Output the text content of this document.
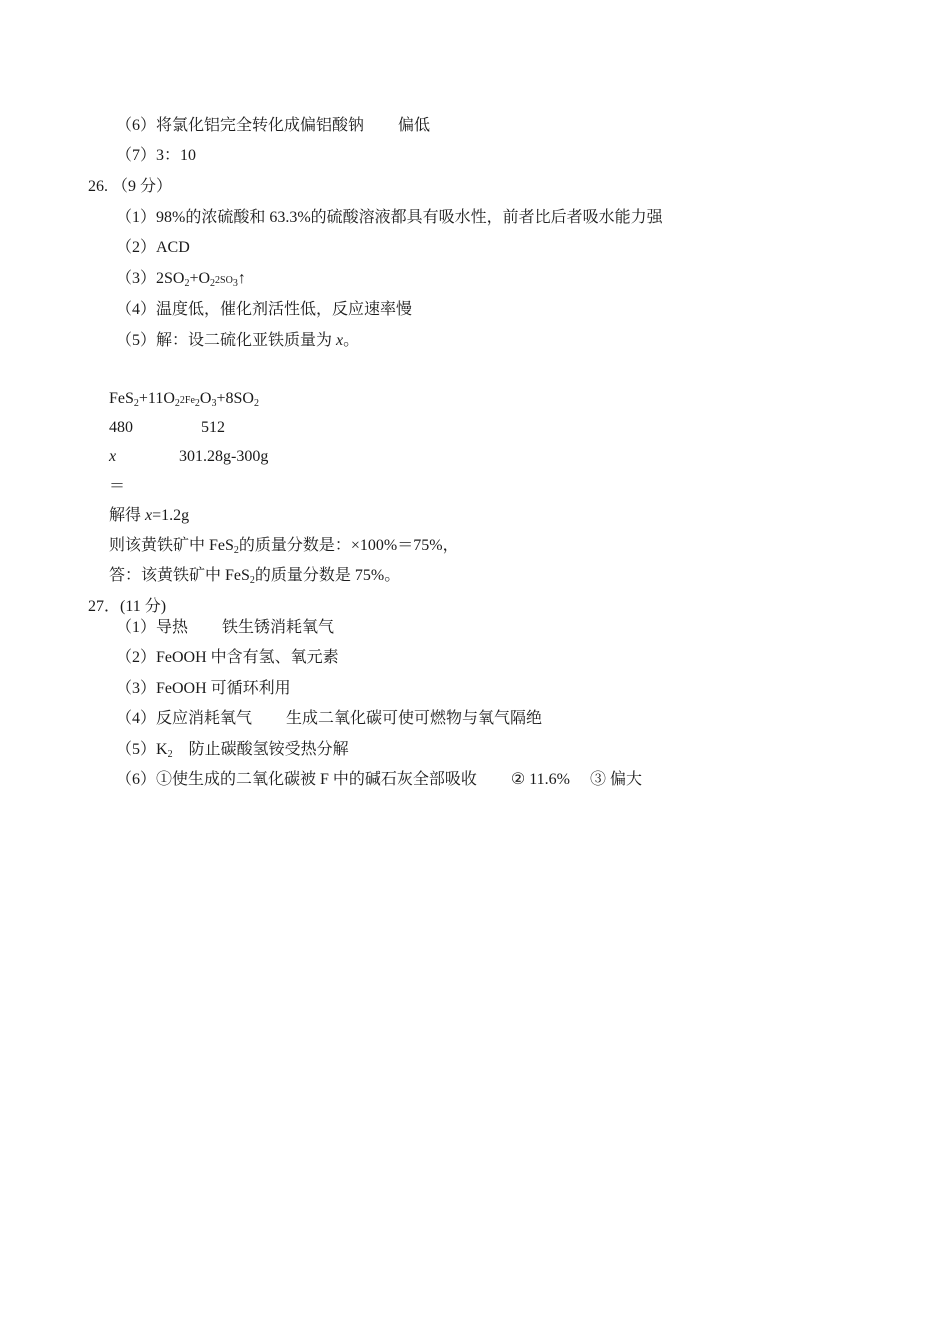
（6）将氯化铝完全转化成偏铝酸钠 偏低
（7）3：10
26. （9 分）
（1）98%的浓硫酸和 63.3%的硫酸溶液都具有吸水性，前者比后者吸水能力强
（2）ACD
$(3)2SO_2+O_22SO_3↑$
（4）温度低，催化剂活性低，反应速率慢
（5）解：设二硫化亚铁质量为 x。
$FeS_2+11O_22Fe_2O_3+8SO_2$
480	512
x	301.28g-300g
＝
解得 x=1.2g
则该黄铁矿中 FeS$_2$的质量分数是：×100%＝75%，
答：该黄铁矿中 FeS$_2$的质量分数是 75%。
27．(11 分)
（1）导热 铁生锈消耗氧气
（2）FeOOH 中含有氢、氧元素
（3）FeOOH 可循环利用
（4）反应消耗氧气 生成二氧化碳可使可燃物与氧气隔绝
$(5)K_2$ 防止碳酸氢铵受热分解
（6）①使生成的二氧化碳被 F 中的碱石灰全部吸收 ② 11.6% ③ 偏大
